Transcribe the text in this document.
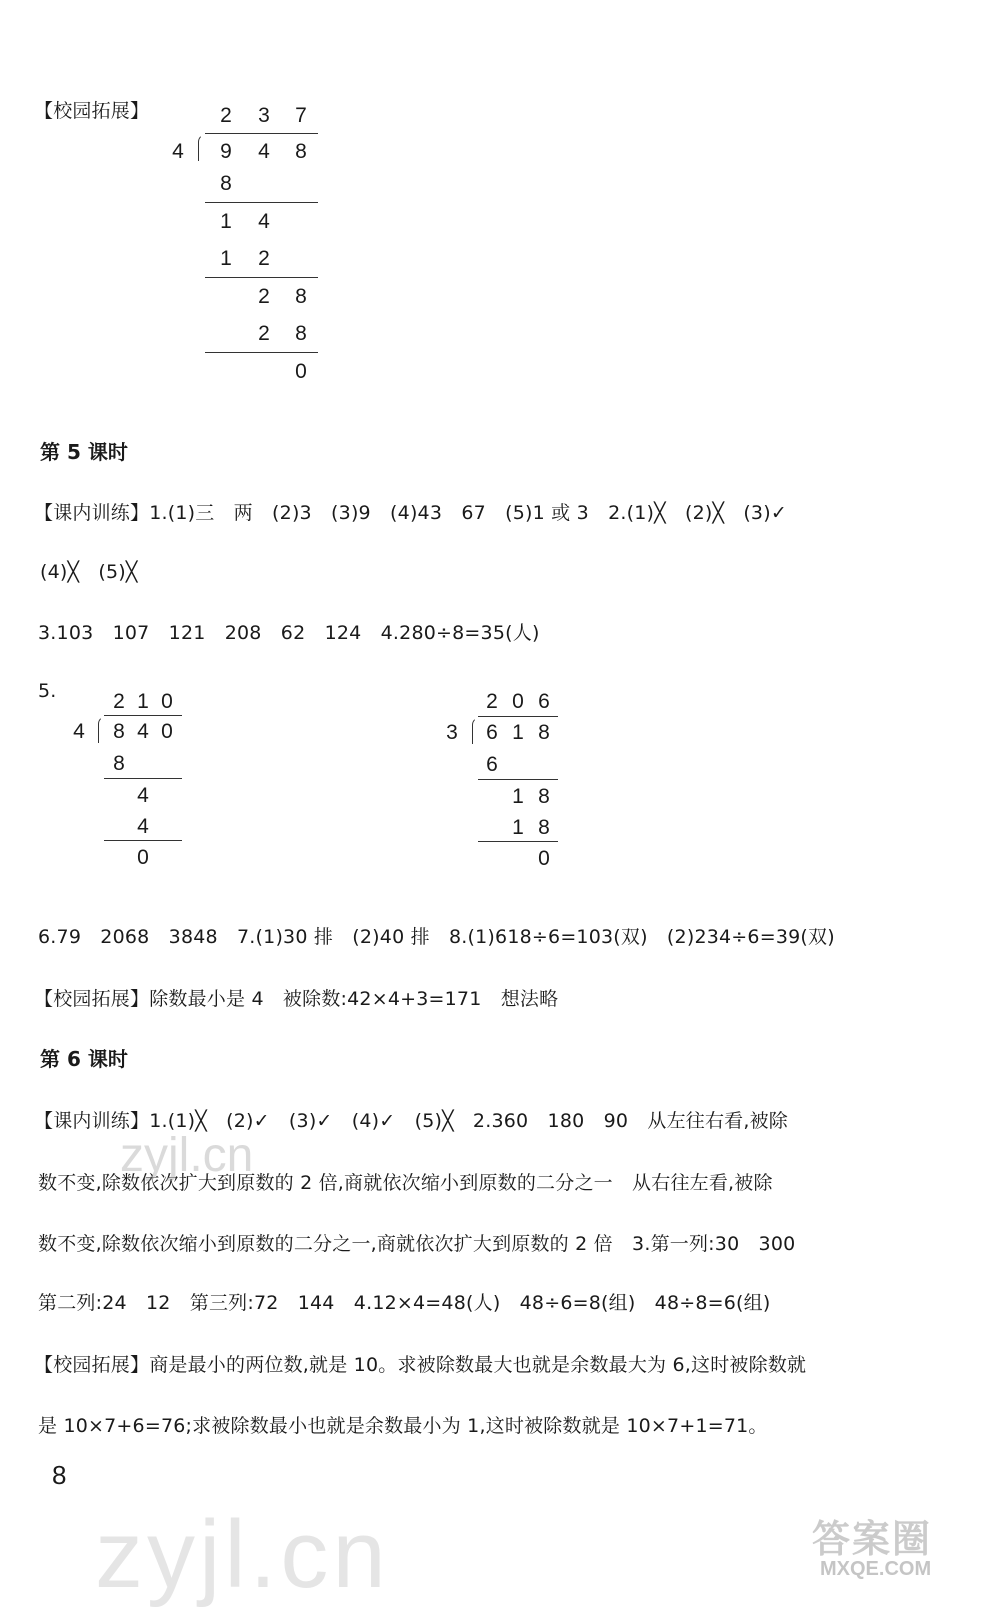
【校园拓展】	2 3 7
4 9 4 8
8
1 4
1 2
2 8
2 8
0
第 5 课时
【课内训练】1.(1)三　两　(2)3　(3)9　(4)43　67　(5)1 或 3　2.(1)╳　(2)╳　(3)✓
(4)╳　(5)╳
3.103　107　121　208　62　124　4.280÷8=35(人)
5.	2 1 0
4 8 4 0
8
4
4
0
2 0 6
3 6 1 8
6
1 8
1 8
0
6.79　2068　3848　7.(1)30 排　(2)40 排　8.(1)618÷6=103(双)　(2)234÷6=39(双)
【校园拓展】除数最小是 4　被除数:42×4+3=171　想法略
第 6 课时
【课内训练】1.(1)╳　(2)✓　(3)✓　(4)✓　(5)╳　2.360　180　90　从左往右看,被除
数不变,除数依次扩大到原数的 2 倍,商就依次缩小到原数的二分之一　从右往左看,被除
数不变,除数依次缩小到原数的二分之一,商就依次扩大到原数的 2 倍　3.第一列:30　300
第二列:24　12　第三列:72　144　4.12×4=48(人)　48÷6=8(组)　48÷8=6(组)
【校园拓展】商是最小的两位数,就是 10。求被除数最大也就是余数最大为 6,这时被除数就
是 10×7+6=76;求被除数最小也就是余数最小为 1,这时被除数就是 10×7+1=71。
8
zyjl.cn
zyjl.cn	答案圈
MXQE.COM
